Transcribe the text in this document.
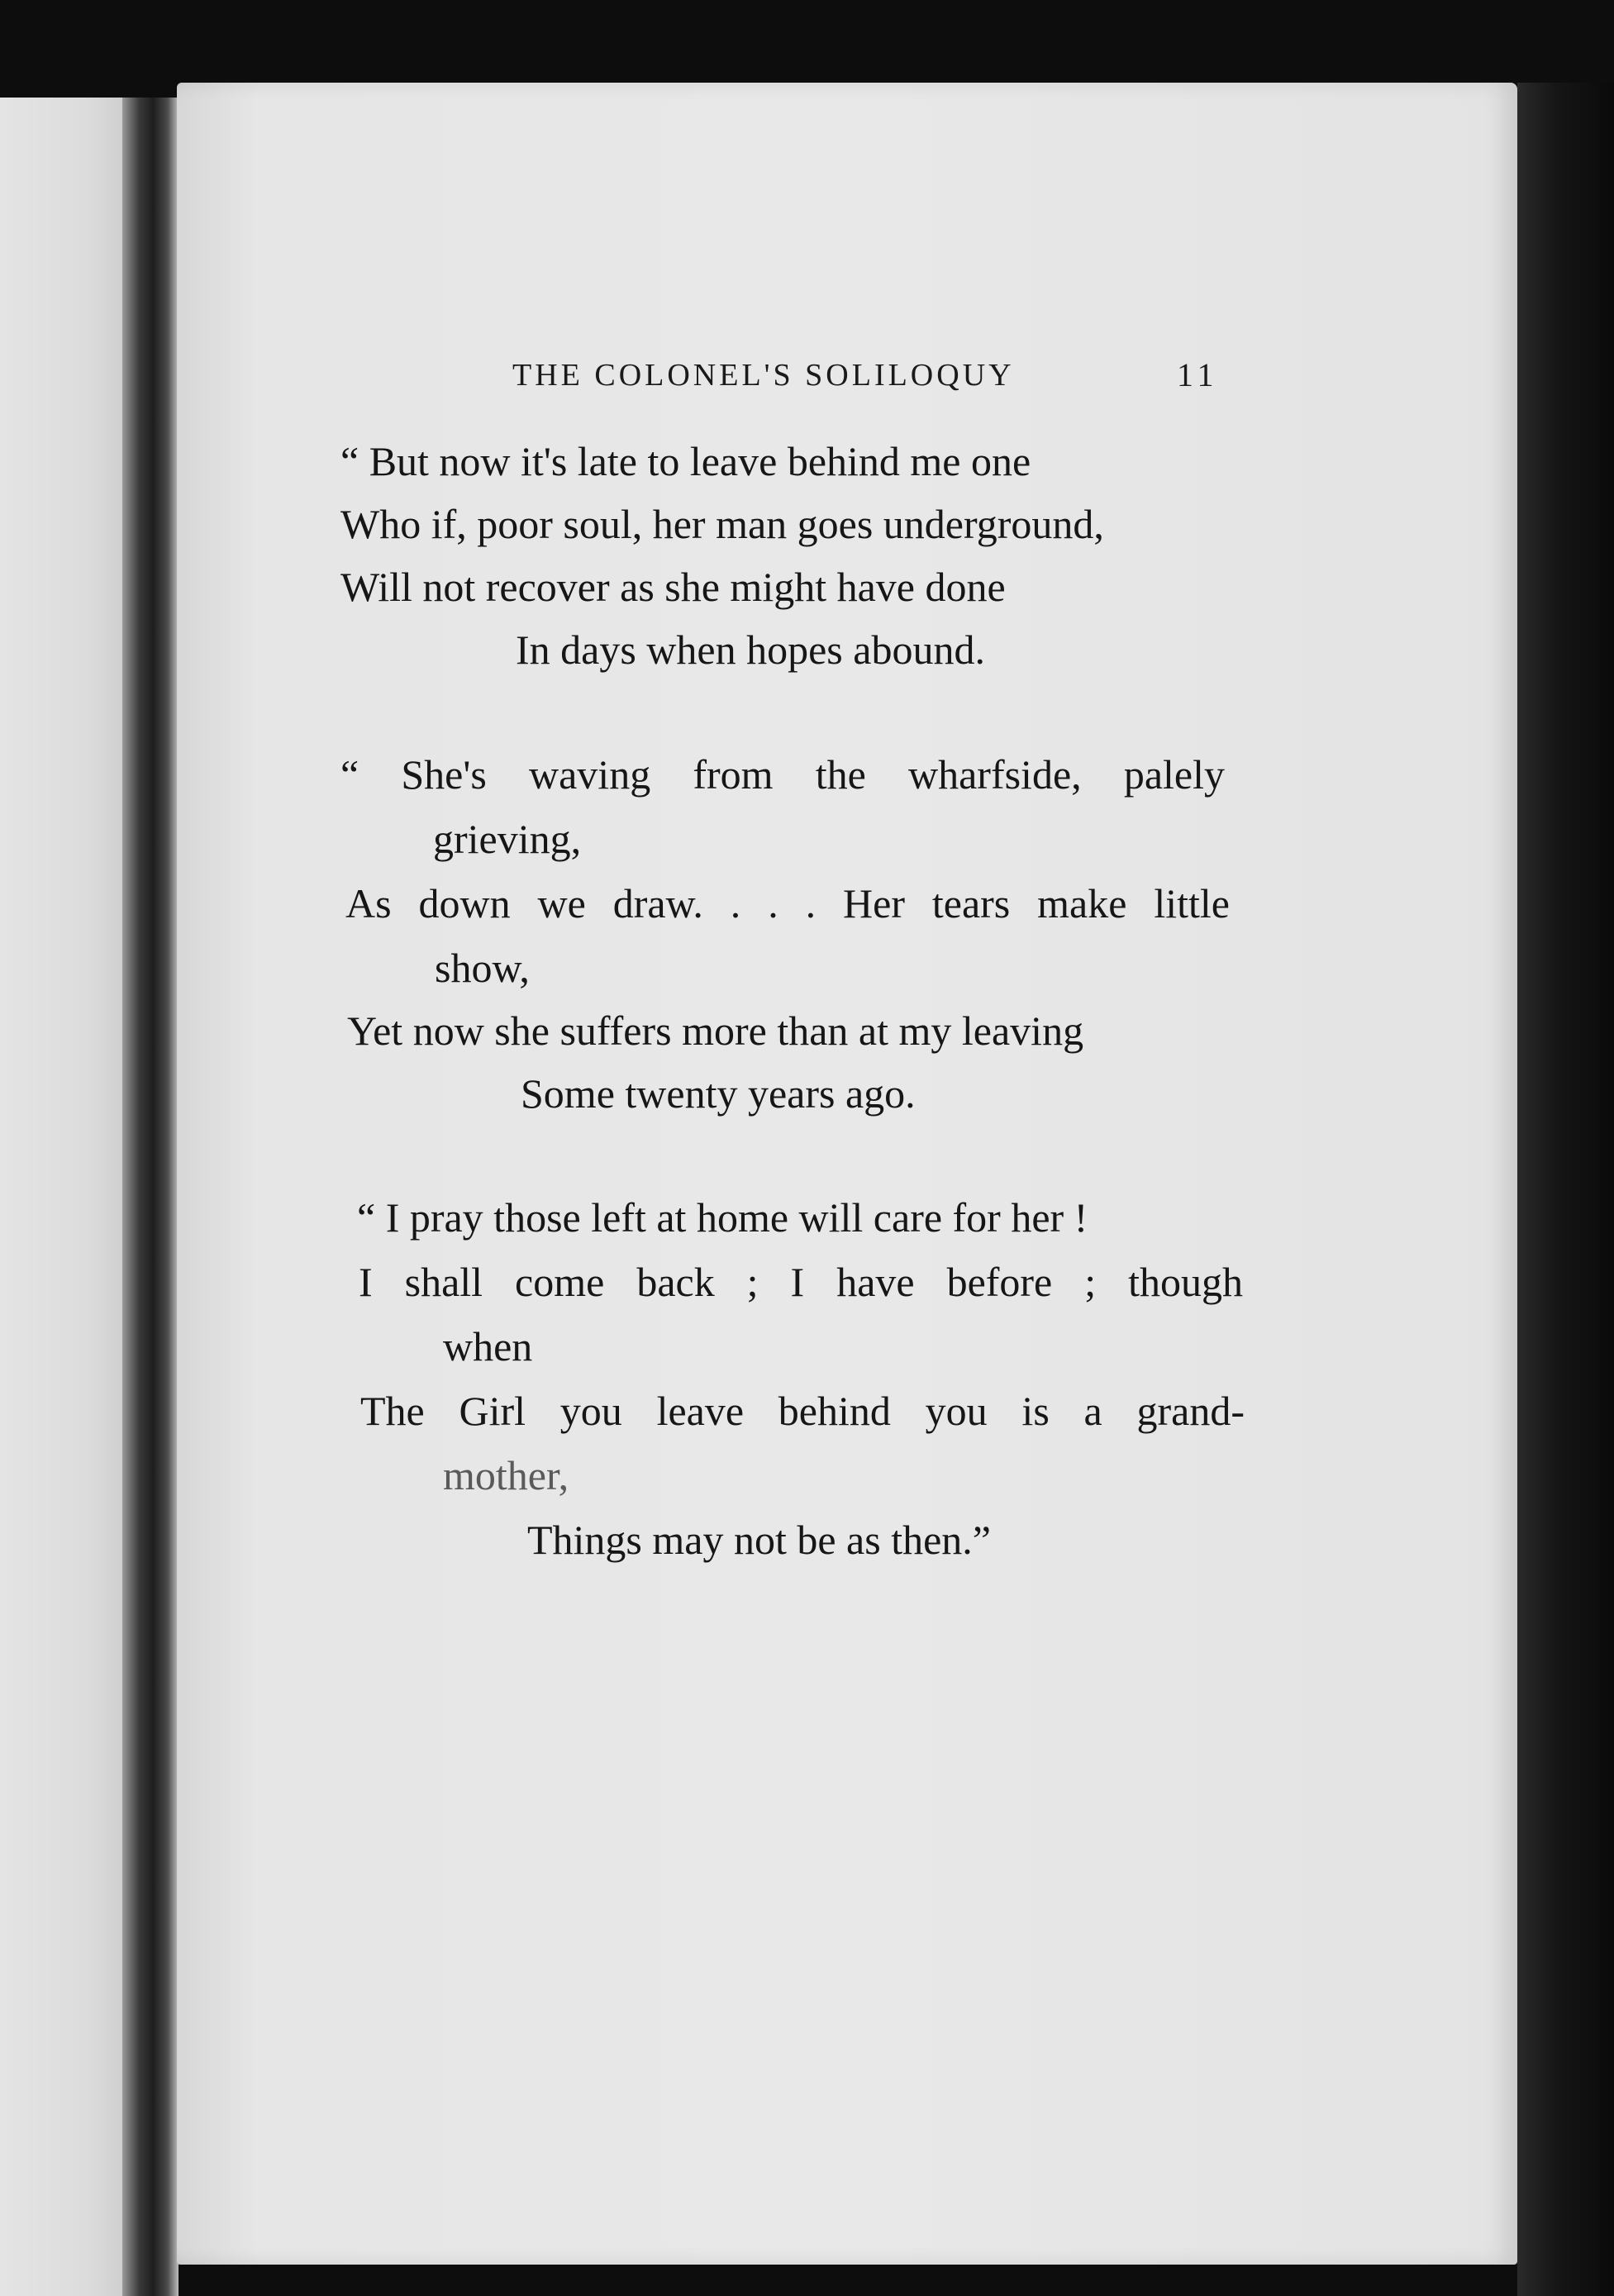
THE COLONEL'S SOLILOQUY	11
“ But now it's late to leave behind me one
Who if, poor soul, her man goes underground,
Will not recover as she might have done
In days when hopes abound.
“ She's waving from the wharfside, palely
grieving,
As down we draw. . . . Her tears make little
show,
Yet now she suffers more than at my leaving
Some twenty years ago.
“ I pray those left at home will care for her !
I shall come back ; I have before ; though
when
The Girl you leave behind you is a grand-
mother,
Things may not be as then.”
